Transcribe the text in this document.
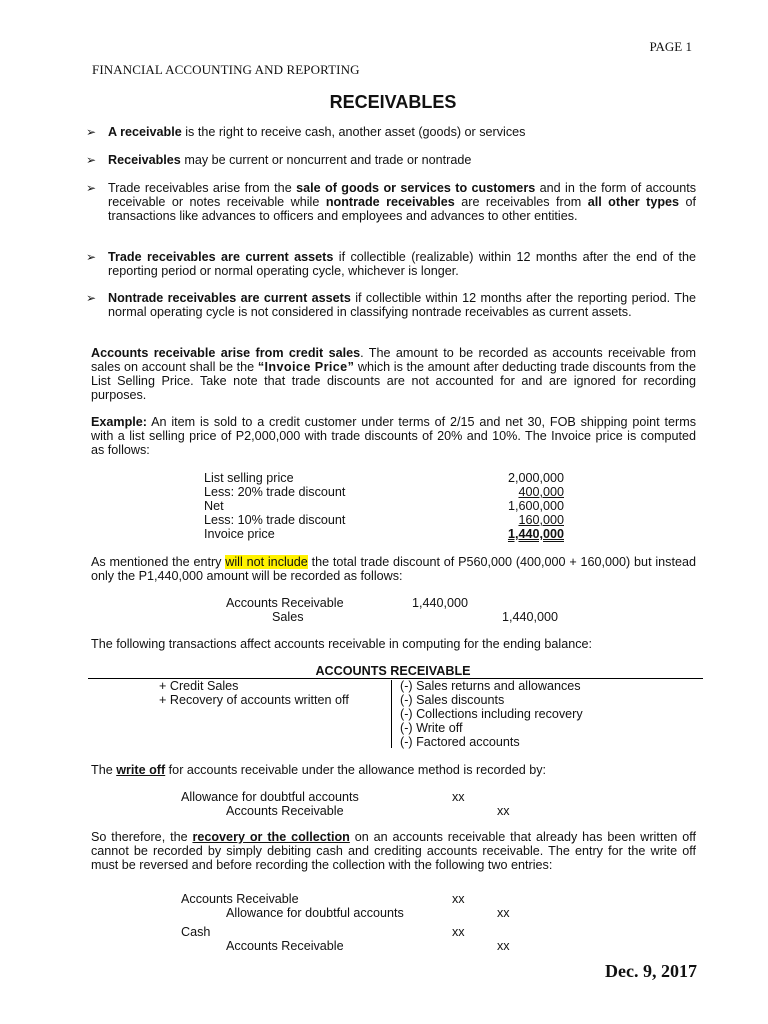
PAGE 1
FINANCIAL ACCOUNTING AND REPORTING
RECEIVABLES
➢ A receivable is the right to receive cash, another asset (goods) or services
➢ Receivables may be current or noncurrent and trade or nontrade
➢ Trade receivables arise from the sale of goods or services to customers and in the form of accounts receivable or notes receivable while nontrade receivables are receivables from all other types of transactions like advances to officers and employees and advances to other entities.
➢ Trade receivables are current assets if collectible (realizable) within 12 months after the end of the reporting period or normal operating cycle, whichever is longer.
➢ Nontrade receivables are current assets if collectible within 12 months after the reporting period. The normal operating cycle is not considered in classifying nontrade receivables as current assets.
Accounts receivable arise from credit sales. The amount to be recorded as accounts receivable from sales on account shall be the “Invoice Price” which is the amount after deducting trade discounts from the List Selling Price. Take note that trade discounts are not accounted for and are ignored for recording purposes.
Example: An item is sold to a credit customer under terms of 2/15 and net 30, FOB shipping point terms with a list selling price of P2,000,000 with trade discounts of 20% and 10%. The Invoice price is computed as follows:
List selling price	2,000,000
Less: 20% trade discount	400,000
Net	1,600,000
Less: 10% trade discount	160,000
Invoice price	1,440,000
As mentioned the entry will not include the total trade discount of P560,000 (400,000 + 160,000) but instead only the P1,440,000 amount will be recorded as follows:
Accounts Receivable	1,440,000
Sales	1,440,000
The following transactions affect accounts receivable in computing for the ending balance:
ACCOUNTS RECEIVABLE
+ Credit Sales
+ Recovery of accounts written off
(-) Sales returns and allowances
(-) Sales discounts
(-) Collections including recovery
(-) Write off
(-) Factored accounts
The write off for accounts receivable under the allowance method is recorded by:
Allowance for doubtful accounts	xx
Accounts Receivable	xx
So therefore, the recovery or the collection on an accounts receivable that already has been written off cannot be recorded by simply debiting cash and crediting accounts receivable. The entry for the write off must be reversed and before recording the collection with the following two entries:
Accounts Receivable	xx
Allowance for doubtful accounts	xx
Cash	xx
Accounts Receivable	xx
Dec. 9, 2017
